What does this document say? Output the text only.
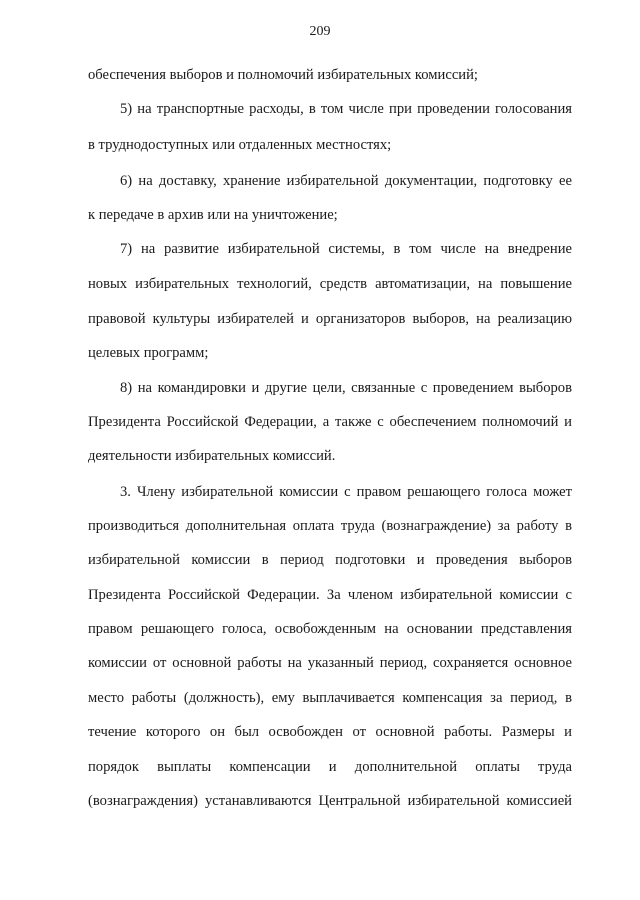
209
обеспечения выборов и полномочий избирательных комиссий;
5) на транспортные расходы, в том числе при проведении голосования
в труднодоступных или отдаленных местностях;
6) на доставку, хранение избирательной документации, подготовку ее
к передаче в архив или на уничтожение;
7) на развитие избирательной системы, в том числе на внедрение
новых избирательных технологий, средств автоматизации, на повышение
правовой культуры избирателей и организаторов выборов, на реализацию
целевых программ;
8) на командировки и другие цели, связанные с проведением выборов
Президента Российской Федерации, а также с обеспечением полномочий и
деятельности избирательных комиссий.
3. Члену избирательной комиссии с правом решающего голоса может
производиться дополнительная оплата труда (вознаграждение) за работу в
избирательной комиссии в период подготовки и проведения выборов
Президента Российской Федерации. За членом избирательной комиссии с
правом решающего голоса, освобожденным на основании представления
комиссии от основной работы на указанный период, сохраняется основное
место работы (должность), ему выплачивается компенсация за период, в
течение которого он был освобожден от основной работы. Размеры и
порядок выплаты компенсации и дополнительной оплаты труда
(вознаграждения) устанавливаются Центральной избирательной комиссией
